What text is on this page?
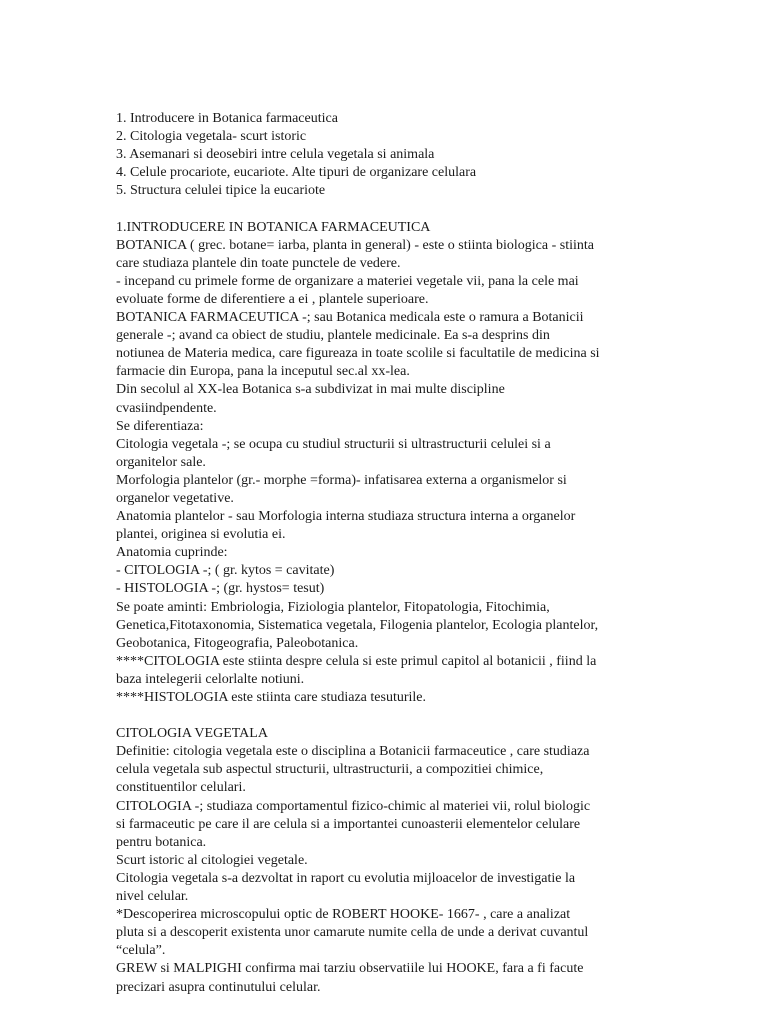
1. Introducere in Botanica farmaceutica

2. Citologia vegetala- scurt istoric

3. Asemanari si deosebiri intre celula vegetala si animala

4. Celule procariote, eucariote. Alte tipuri de organizare celulara

5. Structura celulei tipice la eucariote

1.INTRODUCERE IN BOTANICA FARMACEUTICA

BOTANICA ( grec. botane= iarba, planta in general) - este o stiinta biologica - stiinta

care studiaza plantele din toate punctele de vedere.

- incepand cu primele forme de organizare a materiei vegetale vii, pana la cele mai

evoluate forme de diferentiere a ei , plantele superioare.

BOTANICA FARMACEUTICA -; sau Botanica medicala este o ramura a Botanicii

generale -; avand ca obiect de studiu, plantele medicinale. Ea s-a desprins din

notiunea de Materia medica, care figureaza in toate scolile si facultatile de medicina si

farmacie din Europa, pana la inceputul sec.al xx-lea.

Din secolul al XX-lea Botanica s-a subdivizat in mai multe discipline

cvasiindpendente.

Se diferentiaza:

Citologia vegetala -; se ocupa cu studiul structurii si ultrastructurii celulei si a

organitelor sale.

Morfologia plantelor (gr.- morphe =forma)- infatisarea externa a organismelor si

organelor vegetative.

Anatomia plantelor - sau Morfologia interna studiaza structura interna a organelor

plantei, originea si evolutia ei.

Anatomia cuprinde:

- CITOLOGIA -; ( gr. kytos = cavitate)

- HISTOLOGIA -; (gr. hystos= tesut)

Se poate aminti: Embriologia, Fiziologia plantelor, Fitopatologia, Fitochimia,

Genetica,Fitotaxonomia, Sistematica vegetala, Filogenia plantelor, Ecologia plantelor,

Geobotanica, Fitogeografia, Paleobotanica.

****CITOLOGIA este stiinta despre celula si este primul capitol al botanicii , fiind la

baza intelegerii celorlalte notiuni.

****HISTOLOGIA este stiinta care studiaza tesuturile.

CITOLOGIA VEGETALA

Definitie: citologia vegetala este o disciplina a Botanicii farmaceutice , care studiaza

celula vegetala sub aspectul structurii, ultrastructurii, a compozitiei chimice,

constituentilor celulari.

CITOLOGIA -; studiaza comportamentul fizico-chimic al materiei vii, rolul biologic

si farmaceutic pe care il are celula si a importantei cunoasterii elementelor celulare

pentru botanica.

Scurt istoric al citologiei vegetale.

Citologia vegetala s-a dezvoltat in raport cu evolutia mijloacelor de investigatie la

nivel celular.

*Descoperirea microscopului optic de ROBERT HOOKE- 1667- , care a analizat

pluta si a descoperit existenta unor camarute numite cella de unde a derivat cuvantul

“celula”.

GREW si MALPIGHI confirma mai tarziu observatiile lui HOOKE, fara a fi facute

precizari asupra continutului celular.
